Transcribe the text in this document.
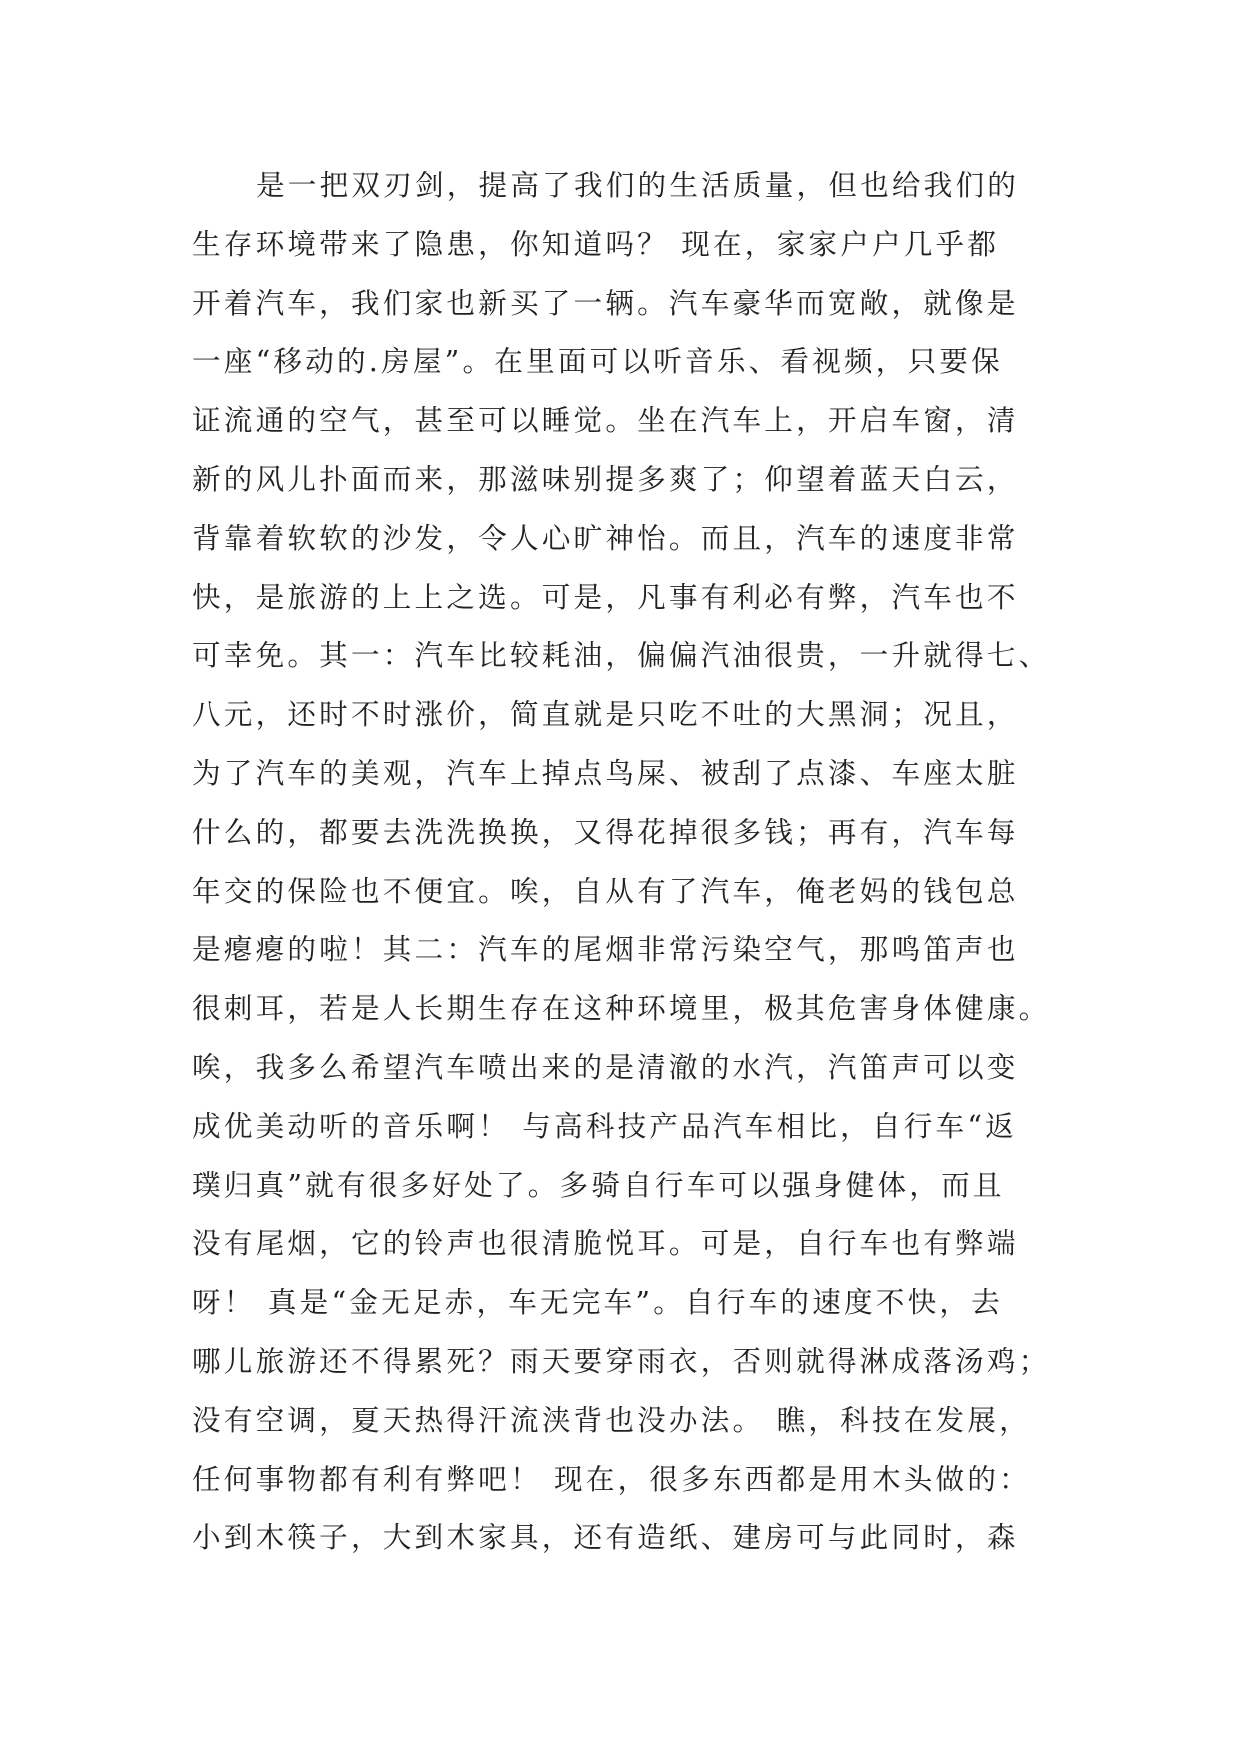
是一把双刃剑，提高了我们的生活质量，但也给我们的
生存环境带来了隐患，你知道吗？ 现在，家家户户几乎都
开着汽车，我们家也新买了一辆。汽车豪华而宽敞，就像是
一座“移动的.房屋”。在里面可以听音乐、看视频，只要保
证流通的空气，甚至可以睡觉。坐在汽车上，开启车窗，清
新的风儿扑面而来，那滋味别提多爽了；仰望着蓝天白云，
背靠着软软的沙发，令人心旷神怡。而且，汽车的速度非常
快，是旅游的上上之选。可是，凡事有利必有弊，汽车也不
可幸免。其一：汽车比较耗油，偏偏汽油很贵，一升就得七、
八元，还时不时涨价，简直就是只吃不吐的大黑洞；况且，
为了汽车的美观，汽车上掉点鸟屎、被刮了点漆、车座太脏
什么的，都要去洗洗换换，又得花掉很多钱；再有，汽车每
年交的保险也不便宜。唉，自从有了汽车，俺老妈的钱包总
是瘪瘪的啦！其二：汽车的尾烟非常污染空气，那鸣笛声也
很刺耳，若是人长期生存在这种环境里，极其危害身体健康。
唉，我多么希望汽车喷出来的是清澈的水汽，汽笛声可以变
成优美动听的音乐啊！ 与高科技产品汽车相比，自行车“返
璞归真”就有很多好处了。多骑自行车可以强身健体，而且
没有尾烟，它的铃声也很清脆悦耳。可是，自行车也有弊端
呀！ 真是“金无足赤，车无完车”。自行车的速度不快，去
哪儿旅游还不得累死？雨天要穿雨衣，否则就得淋成落汤鸡；
没有空调，夏天热得汗流浃背也没办法。 瞧，科技在发展，
任何事物都有利有弊吧！ 现在，很多东西都是用木头做的：
小到木筷子，大到木家具，还有造纸、建房可与此同时，森
